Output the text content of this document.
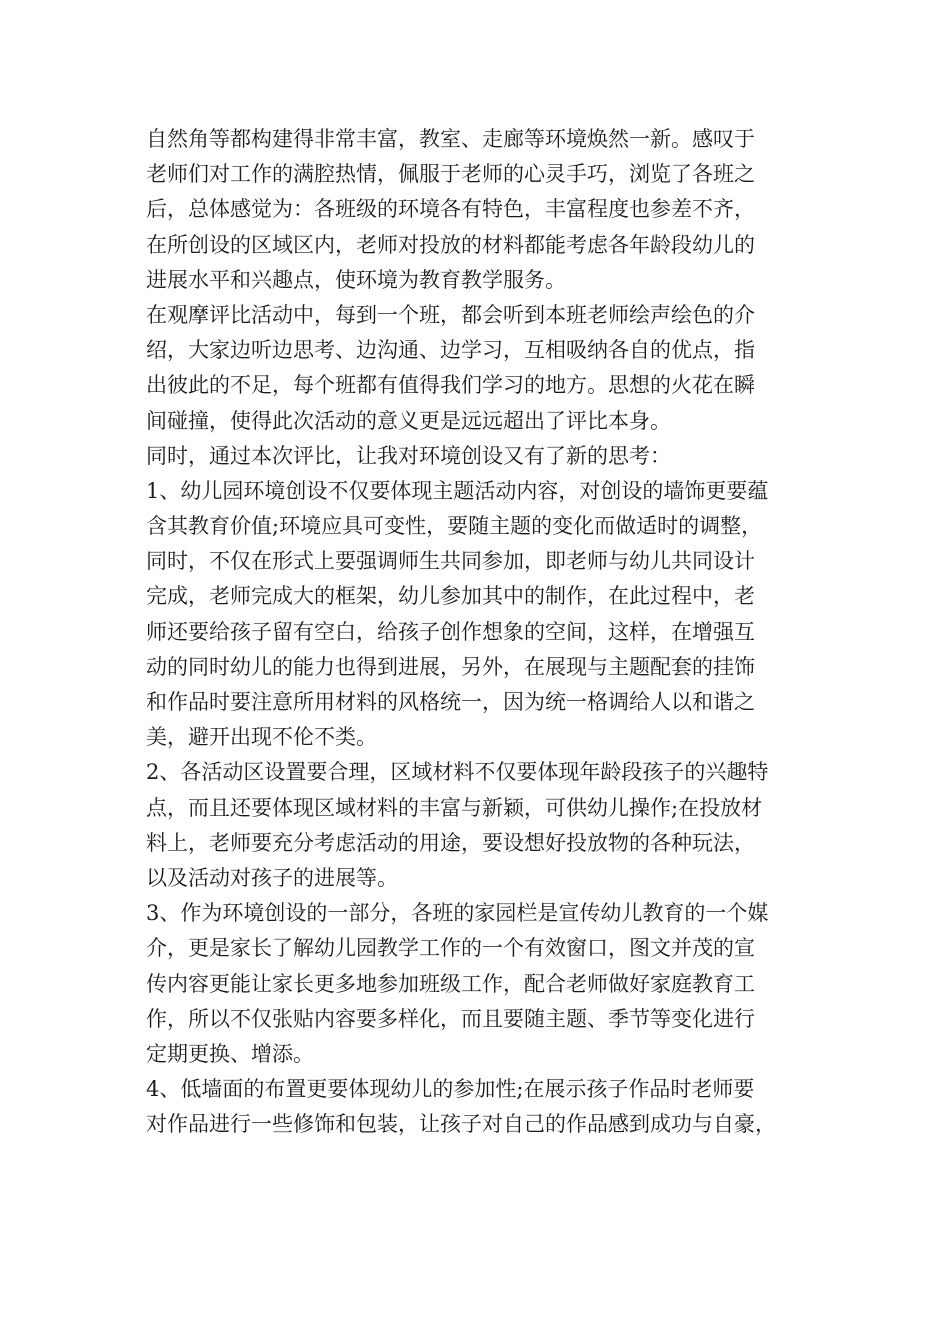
自然角等都构建得非常丰富，教室、走廊等环境焕然一新。感叹于
老师们对工作的满腔热情，佩服于老师的心灵手巧，浏览了各班之
后，总体感觉为：各班级的环境各有特色，丰富程度也参差不齐，
在所创设的区域区内，老师对投放的材料都能考虑各年龄段幼儿的
进展水平和兴趣点，使环境为教育教学服务。
在观摩评比活动中，每到一个班，都会听到本班老师绘声绘色的介
绍，大家边听边思考、边沟通、边学习，互相吸纳各自的优点，指
出彼此的不足，每个班都有值得我们学习的地方。思想的火花在瞬
间碰撞，使得此次活动的意义更是远远超出了评比本身。
同时，通过本次评比，让我对环境创设又有了新的思考：
1、幼儿园环境创设不仅要体现主题活动内容，对创设的墙饰更要蕴
含其教育价值;环境应具可变性，要随主题的变化而做适时的调整，
同时，不仅在形式上要强调师生共同参加，即老师与幼儿共同设计
完成，老师完成大的框架，幼儿参加其中的制作，在此过程中，老
师还要给孩子留有空白，给孩子创作想象的空间，这样，在增强互
动的同时幼儿的能力也得到进展，另外，在展现与主题配套的挂饰
和作品时要注意所用材料的风格统一，因为统一格调给人以和谐之
美，避开出现不伦不类。
2、各活动区设置要合理，区域材料不仅要体现年龄段孩子的兴趣特
点，而且还要体现区域材料的丰富与新颖，可供幼儿操作;在投放材
料上，老师要充分考虑活动的用途，要设想好投放物的各种玩法，
以及活动对孩子的进展等。
3、作为环境创设的一部分，各班的家园栏是宣传幼儿教育的一个媒
介，更是家长了解幼儿园教学工作的一个有效窗口，图文并茂的宣
传内容更能让家长更多地参加班级工作，配合老师做好家庭教育工
作，所以不仅张贴内容要多样化，而且要随主题、季节等变化进行
定期更换、增添。
4、低墙面的布置更要体现幼儿的参加性;在展示孩子作品时老师要
对作品进行一些修饰和包装，让孩子对自己的作品感到成功与自豪，
